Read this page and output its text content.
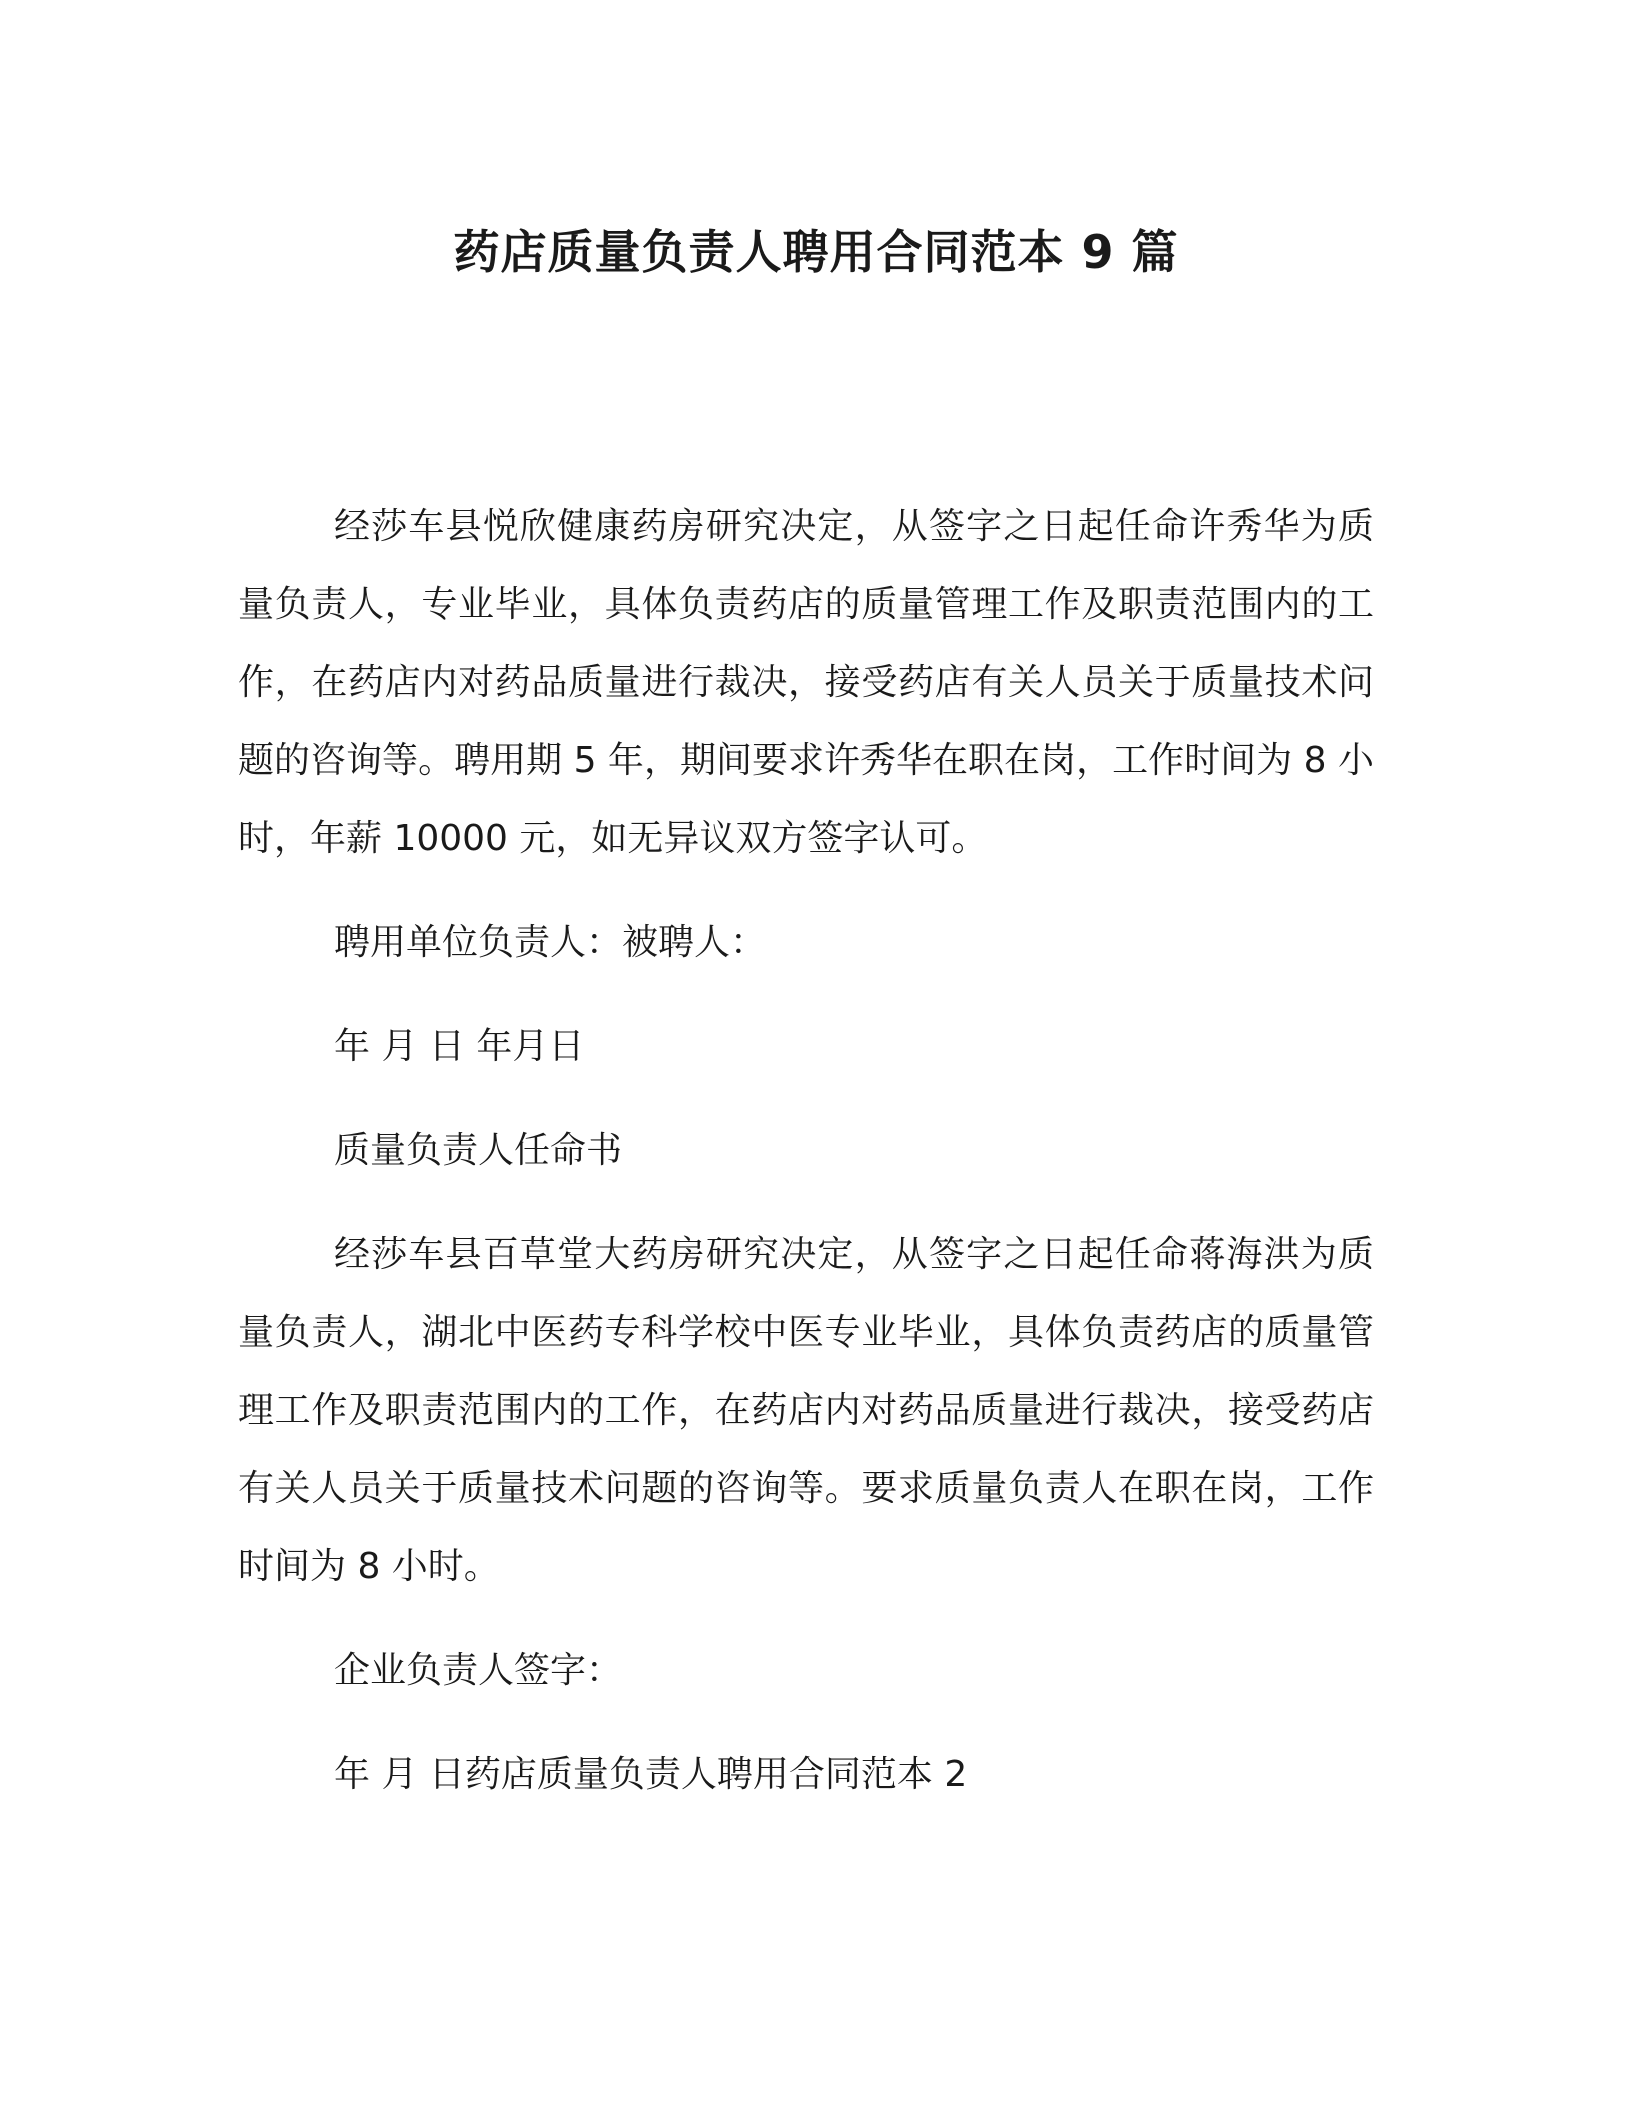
药店质量负责人聘用合同范本 9 篇

经莎车县悦欣健康药房研究决定，从签字之日起任命许秀华为质量负责人，专业毕业，具体负责药店的质量管理工作及职责范围内的工作，在药店内对药品质量进行裁决，接受药店有关人员关于质量技术问题的咨询等。聘用期 5 年，期间要求许秀华在职在岗，工作时间为 8 小时，年薪 10000 元，如无异议双方签字认可。

聘用单位负责人：被聘人：

年 月 日 年月日

质量负责人任命书

经莎车县百草堂大药房研究决定，从签字之日起任命蒋海洪为质量负责人，湖北中医药专科学校中医专业毕业，具体负责药店的质量管理工作及职责范围内的工作，在药店内对药品质量进行裁决，接受药店有关人员关于质量技术问题的咨询等。要求质量负责人在职在岗，工作时间为 8 小时。

企业负责人签字：

年 月 日药店质量负责人聘用合同范本 2
